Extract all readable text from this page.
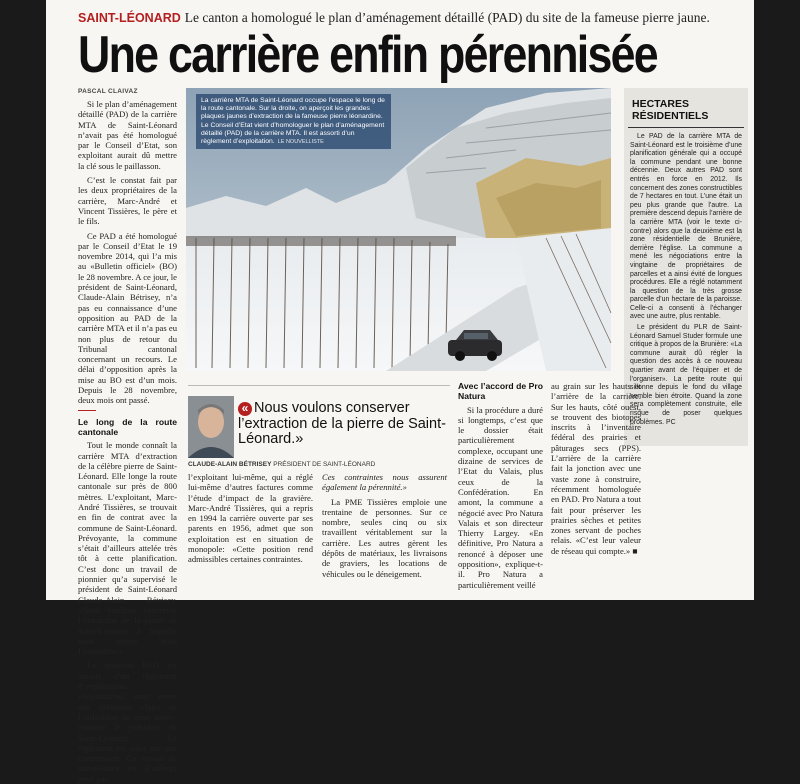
SAINT-LÉONARD Le canton a homologué le plan d’aménagement détaillé (PAD) du site de la fameuse pierre jaune.
Une carrière enfin pérennisée
PASCAL CLAIVAZ

Si le plan d’aménagement détaillé (PAD) de la carrière MTA de Saint-Léonard n’avait pas été homologué par le Conseil d’Etat, son exploitant aurait dû mettre la clé sous le paillasson.

C’est le constat fait par les deux propriétaires de la carrière, Marc-André et Vincent Tissières, le père et le fils.

Ce PAD a été homologué par le Conseil d’Etat le 19 novembre 2014, qui l’a mis au «Bulletin officiel» (BO) le 28 novembre. A ce jour, le président de Saint-Léonard, Claude-Alain Bétrisey, n’a pas eu connaissance d’une opposition au PAD de la carrière MTA et il n’a pas eu non plus de retour du Tribunal cantonal concernant un recours. Le délai d’opposition après la mise au BO est d’un mois. Depuis le 28 novembre, deux mois ont passé.

Le long de la route cantonale

Tout le monde connaît la carrière MTA d’extraction de la célèbre pierre de Saint-Léonard. Elle longe la route cantonale sur près de 800 mètres. L’exploitant, Marc-André Tissières, se trouvait en fin de contrat avec la commune de Saint-Léonard. Prévoyante, la commune s’était d’ailleurs attelée très tôt à cette planification. C’est donc un travail de pionnier qu’a supervisé le président de Saint-Léonard Claude-Alain Bétrisey. «Nous voulions conserver l’extraction de la pierre de Saint-Léonard à laquelle nous tenons, nous Léonardins.»

Le nouveau PAD est assorti d’un règlement d’exploitation. «Aujourd’hui, nous avons une définition claire de l’utilisation de cette zone», constate le président de Saint-Léonard. Le règlement est suivi par une commission. Ce travail de surveillance est d’ailleurs payé par

La carrière MTA de Saint-Léonard occupe l’espace le long de la route cantonale. Sur la droite, on aperçoit les grandes plaques jaunes d’extraction de la fameuse pierre léonardine. Le Conseil d’Etat vient d’homologuer le plan d’aménagement détaillé (PAD) de la carrière MTA. Il est assorti d’un règlement d’exploitation. LE NOUVELLISTE
HECTARES RÉSIDENTIELS

Le PAD de la carrière MTA de Saint-Léonard est le troisième d’une planification générale qui a occupé la commune pendant une bonne décennie. Deux autres PAD sont entrés en force en 2012. Ils concernent des zones constructibles de 7 hectares en tout. L’une était un peu plus grande que l’autre. La première descend depuis l’arrière de la carrière MTA (voir le texte ci-contre) alors que la deuxième est la zone résidentielle de Brunière, derrière l’église. La commune a mené les négociations entre la vingtaine de propriétaires de parcelles et a ainsi évité de longues procédures. Elle a réglé notamment la question de la très grosse parcelle d’un hectare de la paroisse. Celle-ci a consenti à l’échanger avec une autre, plus rentable.

Le président du PLR de Saint-Léonard Samuel Studer formule une critique à propos de la Brunière: «La commune aurait dû régler la question des accès à ce nouveau quartier avant de l’équiper et de l’organiser». La petite route qui sillonne depuis le fond du village semble bien étroite. Quand la zone sera complètement construite, elle risque de poser quelques problèmes. PC

« Nous voulons conserver l’extraction de la pierre de Saint-Léonard.»
CLAUDE-ALAIN BÉTRISEY PRÉSIDENT DE SAINT-LÉONARD

l’exploitant lui-même, qui a réglé lui-même d’autres factures comme l’étude d’impact de la gravière. Marc-André Tissières, qui a repris en 1994 la carrière ouverte par ses parents en 1956, admet que son exploitation est en situation de monopole: «Cette position rend admissibles certaines contraintes.

Ces contraintes nous assurent également la pérennité.»

La PME Tissières emploie une trentaine de personnes. Sur ce nombre, seules cinq ou six travaillent véritablement sur la carrière. Les autres gèrent les dépôts de matériaux, les livraisons de graviers, les locations de véhicules ou le déneigement.

Avec l’accord de Pro Natura

Si la procédure a duré si longtemps, c’est que le dossier était particulièrement complexe, occupant une dizaine de services de l’Etat du Valais, plus ceux de la Confédération. En amont, la commune a négocié avec Pro Natura Valais et son directeur Thierry Largey. «En définitive, Pro Natura a renoncé à déposer une opposition», explique-t-il. Pro Natura a particulièrement veillé

au grain sur les hauts et l’arrière de la carrière. Sur les hauts, côté ouest, se trouvent des biotopes inscrits à l’inventaire fédéral des prairies et pâturages secs (PPS). L’arrière de la carrière fait la jonction avec une vaste zone à construire, récemment homologuée en PAD. Pro Natura a tout fait pour préserver les prairies sèches et petites zones servant de poches relais. «C’est leur valeur de réseau qui compte.» ■
